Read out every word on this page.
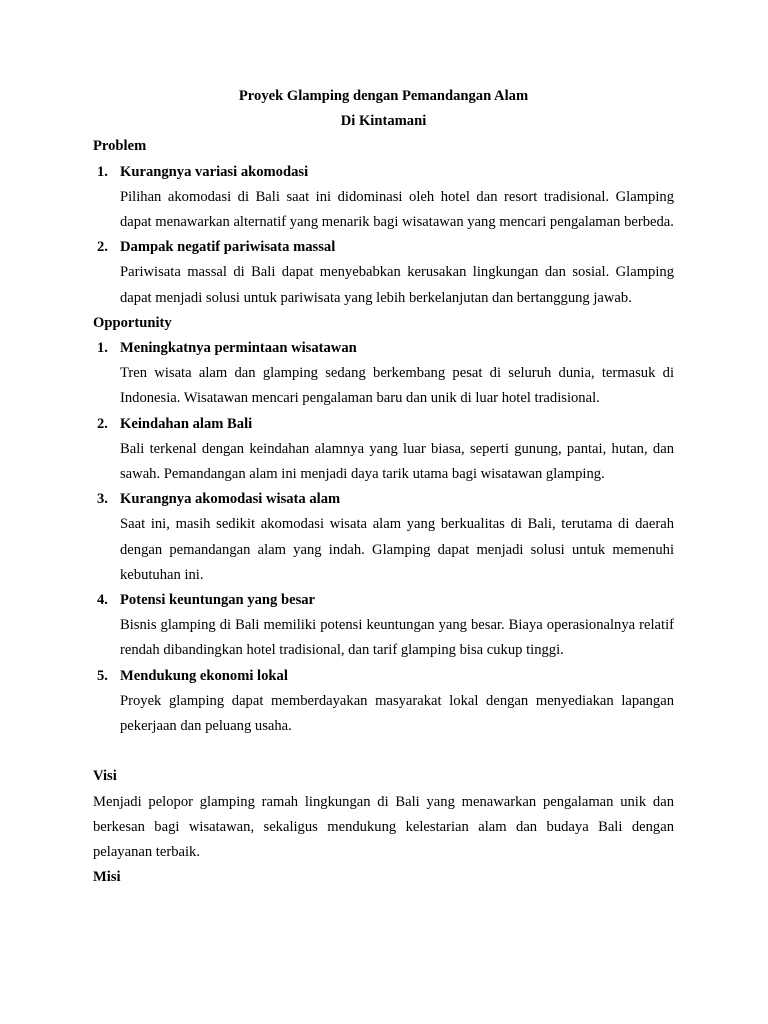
Proyek Glamping dengan Pemandangan Alam

Di Kintamani

Problem

1. Kurangnya variasi akomodasi

Pilihan akomodasi di Bali saat ini didominasi oleh hotel dan resort tradisional. Glamping dapat menawarkan alternatif yang menarik bagi wisatawan yang mencari pengalaman berbeda.

2. Dampak negatif pariwisata massal

Pariwisata massal di Bali dapat menyebabkan kerusakan lingkungan dan sosial. Glamping dapat menjadi solusi untuk pariwisata yang lebih berkelanjutan dan bertanggung jawab.

Opportunity

1. Meningkatnya permintaan wisatawan

Tren wisata alam dan glamping sedang berkembang pesat di seluruh dunia, termasuk di Indonesia. Wisatawan mencari pengalaman baru dan unik di luar hotel tradisional.

2. Keindahan alam Bali

Bali terkenal dengan keindahan alamnya yang luar biasa, seperti gunung, pantai, hutan, dan sawah. Pemandangan alam ini menjadi daya tarik utama bagi wisatawan glamping.

3. Kurangnya akomodasi wisata alam

Saat ini, masih sedikit akomodasi wisata alam yang berkualitas di Bali, terutama di daerah dengan pemandangan alam yang indah. Glamping dapat menjadi solusi untuk memenuhi kebutuhan ini.

4. Potensi keuntungan yang besar

Bisnis glamping di Bali memiliki potensi keuntungan yang besar. Biaya operasionalnya relatif rendah dibandingkan hotel tradisional, dan tarif glamping bisa cukup tinggi.

5. Mendukung ekonomi lokal

Proyek glamping dapat memberdayakan masyarakat lokal dengan menyediakan lapangan pekerjaan dan peluang usaha.

Visi

Menjadi pelopor glamping ramah lingkungan di Bali yang menawarkan pengalaman unik dan berkesan bagi wisatawan, sekaligus mendukung kelestarian alam dan budaya Bali dengan pelayanan terbaik.

Misi
